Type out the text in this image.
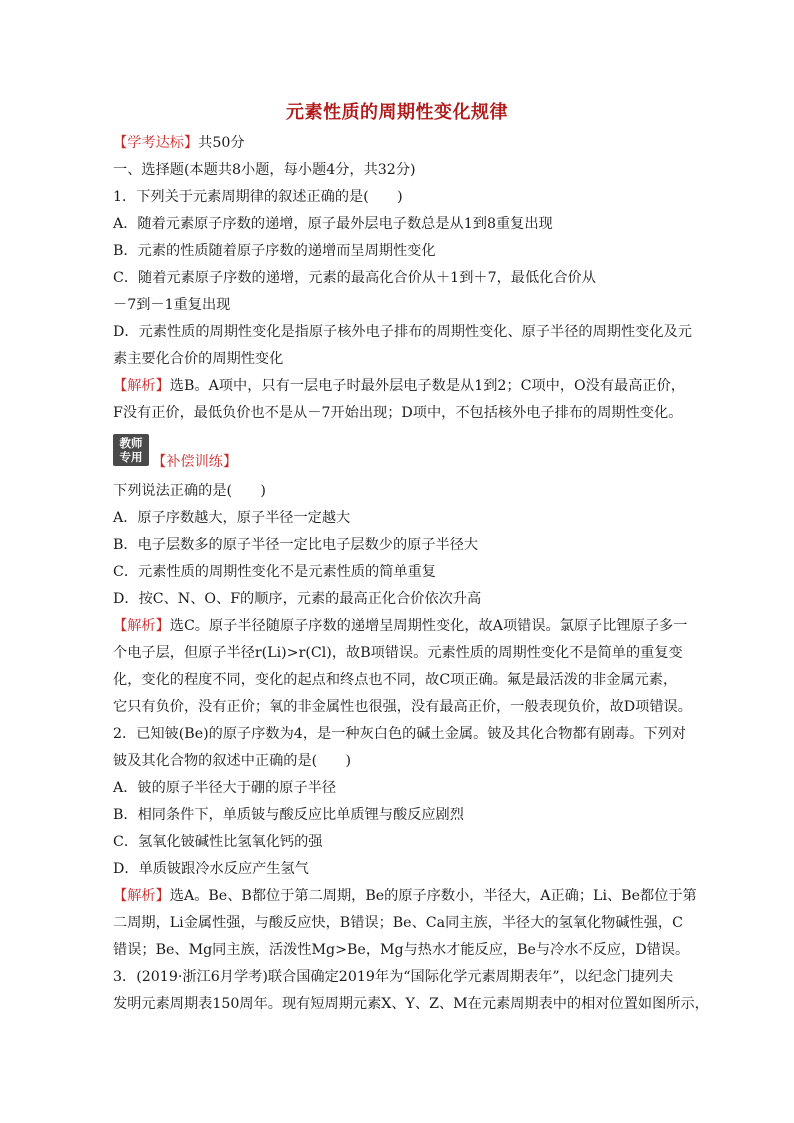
元素性质的周期性变化规律
【学考达标】共50分
一、选择题(本题共8小题，每小题4分，共32分)
1．下列关于元素周期律的叙述正确的是(　　)
A．随着元素原子序数的递增，原子最外层电子数总是从1到8重复出现
B．元素的性质随着原子序数的递增而呈周期性变化
C．随着元素原子序数的递增，元素的最高化合价从＋1到＋7，最低化合价从
－7到－1重复出现
D．元素性质的周期性变化是指原子核外电子排布的周期性变化、原子半径的周期性变化及元
素主要化合价的周期性变化
【解析】选B。A项中，只有一层电子时最外层电子数是从1到2；C项中，O没有最高正价，
F没有正价，最低负价也不是从－7开始出现；D项中，不包括核外电子排布的周期性变化。
教师
专用 【补偿训练】
下列说法正确的是(　　)
A．原子序数越大，原子半径一定越大
B．电子层数多的原子半径一定比电子层数少的原子半径大
C．元素性质的周期性变化不是元素性质的简单重复
D．按C、N、O、F的顺序，元素的最高正化合价依次升高
【解析】选C。原子半径随原子序数的递增呈周期性变化，故A项错误。氯原子比锂原子多一
个电子层，但原子半径r(Li)>r(Cl)，故B项错误。元素性质的周期性变化不是简单的重复变
化，变化的程度不同，变化的起点和终点也不同，故C项正确。氟是最活泼的非金属元素，
它只有负价，没有正价；氧的非金属性也很强，没有最高正价，一般表现负价，故D项错误。
2．已知铍(Be)的原子序数为4，是一种灰白色的碱土金属。铍及其化合物都有剧毒。下列对
铍及其化合物的叙述中正确的是(　　)
A．铍的原子半径大于硼的原子半径
B．相同条件下，单质铍与酸反应比单质锂与酸反应剧烈
C．氢氧化铍碱性比氢氧化钙的强
D．单质铍跟冷水反应产生氢气
【解析】选A。Be、B都位于第二周期，Be的原子序数小，半径大，A正确；Li、Be都位于第
二周期，Li金属性强，与酸反应快，B错误；Be、Ca同主族，半径大的氢氧化物碱性强，C
错误；Be、Mg同主族，活泼性Mg>Be，Mg与热水才能反应，Be与冷水不反应，D错误。
3．(2019·浙江6月学考)联合国确定2019年为“国际化学元素周期表年”，以纪念门捷列夫
发明元素周期表150周年。现有短周期元素X、Y、Z、M在元素周期表中的相对位置如图所示，
